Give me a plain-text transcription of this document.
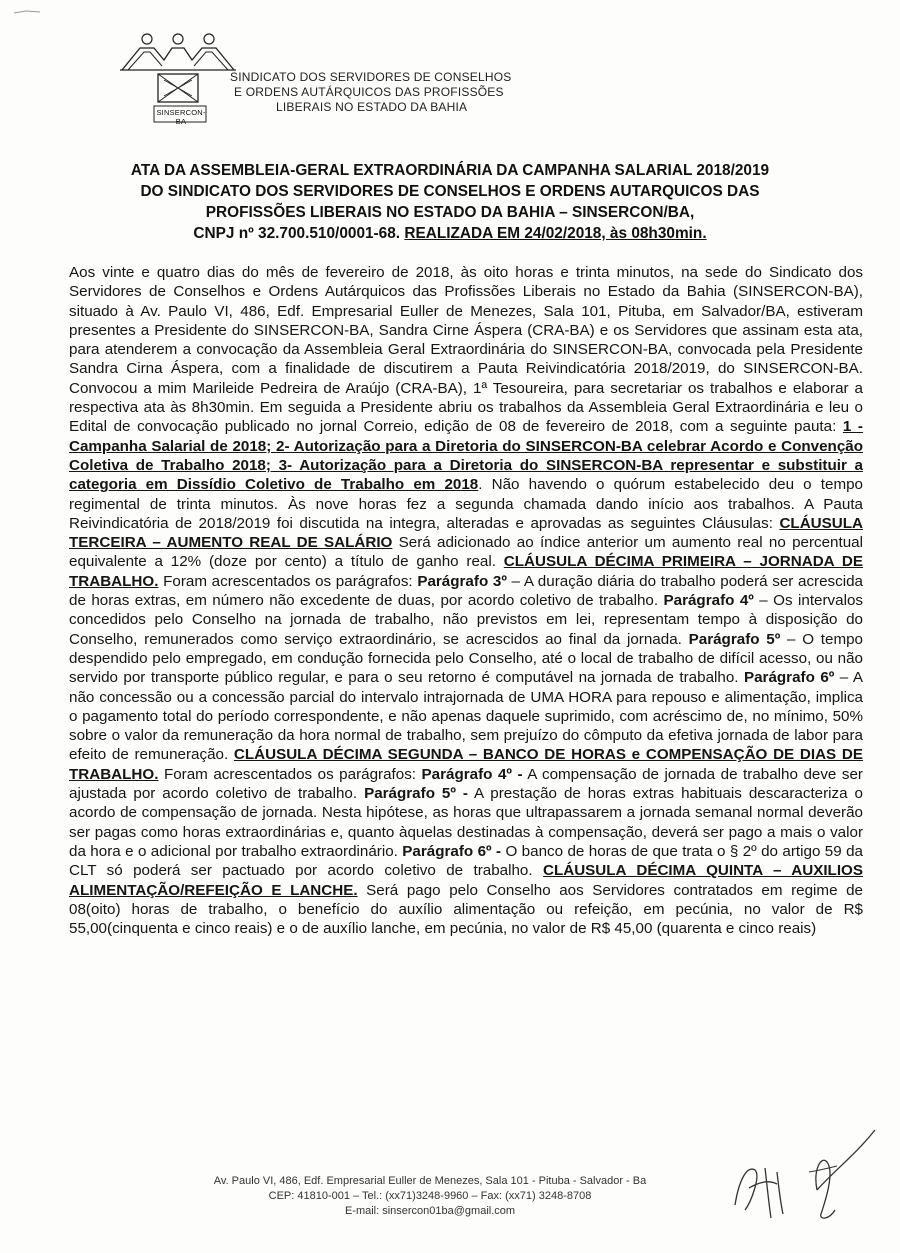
SINSERCON-BA
SINDICATO DOS SERVIDORES DE CONSELHOS
E ORDENS AUTÁRQUICOS DAS PROFISSÕES
LIBERAIS NO ESTADO DA BAHIA
ATA DA ASSEMBLEIA-GERAL EXTRAORDINÁRIA DA CAMPANHA SALARIAL 2018/2019
DO SINDICATO DOS SERVIDORES DE CONSELHOS E ORDENS AUTARQUICOS DAS
PROFISSÕES LIBERAIS NO ESTADO DA BAHIA – SINSERCON/BA,
CNPJ nº 32.700.510/0001-68. REALIZADA EM 24/02/2018, às 08h30min.

Aos vinte e quatro dias do mês de fevereiro de 2018, às oito horas e trinta minutos, na sede do Sindicato dos Servidores de Conselhos e Ordens Autárquicos das Profissões Liberais no Estado da Bahia (SINSERCON-BA), situado à Av. Paulo VI, 486, Edf. Empresarial Euller de Menezes, Sala 101, Pituba, em Salvador/BA, estiveram presentes a Presidente do SINSERCON-BA, Sandra Cirne Áspera (CRA-BA) e os Servidores que assinam esta ata, para atenderem a convocação da Assembleia Geral Extraordinária do SINSERCON-BA, convocada pela Presidente Sandra Cirna Áspera, com a finalidade de discutirem a Pauta Reivindicatória 2018/2019, do SINSERCON-BA. Convocou a mim Marileide Pedreira de Araújo (CRA-BA), 1ª Tesoureira, para secretariar os trabalhos e elaborar a respectiva ata às 8h30min. Em seguida a Presidente abriu os trabalhos da Assembleia Geral Extraordinária e leu o Edital de convocação publicado no jornal Correio, edição de 08 de fevereiro de 2018, com a seguinte pauta: 1 - Campanha Salarial de 2018; 2- Autorização para a Diretoria do SINSERCON-BA celebrar Acordo e Convenção Coletiva de Trabalho 2018; 3- Autorização para a Diretoria do SINSERCON-BA representar e substituir a categoria em Dissídio Coletivo de Trabalho em 2018. Não havendo o quórum estabelecido deu o tempo regimental de trinta minutos. Às nove horas fez a segunda chamada dando início aos trabalhos. A Pauta Reivindicatória de 2018/2019 foi discutida na integra, alteradas e aprovadas as seguintes Cláusulas: CLÁUSULA TERCEIRA – AUMENTO REAL DE SALÁRIO Será adicionado ao índice anterior um aumento real no percentual equivalente a 12% (doze por cento) a título de ganho real. CLÁUSULA DÉCIMA PRIMEIRA – JORNADA DE TRABALHO. Foram acrescentados os parágrafos: Parágrafo 3º – A duração diária do trabalho poderá ser acrescida de horas extras, em número não excedente de duas, por acordo coletivo de trabalho. Parágrafo 4º – Os intervalos concedidos pelo Conselho na jornada de trabalho, não previstos em lei, representam tempo à disposição do Conselho, remunerados como serviço extraordinário, se acrescidos ao final da jornada. Parágrafo 5º – O tempo despendido pelo empregado, em condução fornecida pelo Conselho, até o local de trabalho de difícil acesso, ou não servido por transporte público regular, e para o seu retorno é computável na jornada de trabalho. Parágrafo 6º – A não concessão ou a concessão parcial do intervalo intrajornada de UMA HORA para repouso e alimentação, implica o pagamento total do período correspondente, e não apenas daquele suprimido, com acréscimo de, no mínimo, 50% sobre o valor da remuneração da hora normal de trabalho, sem prejuízo do cômputo da efetiva jornada de labor para efeito de remuneração. CLÁUSULA DÉCIMA SEGUNDA – BANCO DE HORAS e COMPENSAÇÃO DE DIAS DE TRABALHO. Foram acrescentados os parágrafos: Parágrafo 4º - A compensação de jornada de trabalho deve ser ajustada por acordo coletivo de trabalho. Parágrafo 5º - A prestação de horas extras habituais descaracteriza o acordo de compensação de jornada. Nesta hipótese, as horas que ultrapassarem a jornada semanal normal deverão ser pagas como horas extraordinárias e, quanto àquelas destinadas à compensação, deverá ser pago a mais o valor da hora e o adicional por trabalho extraordinário. Parágrafo 6º - O banco de horas de que trata o § 2º do artigo 59 da CLT só poderá ser pactuado por acordo coletivo de trabalho. CLÁUSULA DÉCIMA QUINTA – AUXILIOS ALIMENTAÇÃO/REFEIÇÃO E LANCHE. Será pago pelo Conselho aos Servidores contratados em regime de 08(oito) horas de trabalho, o benefício do auxílio alimentação ou refeição, em pecúnia, no valor de R$ 55,00(cinquenta e cinco reais) e o de auxílio lanche, em pecúnia, no valor de R$ 45,00 (quarenta e cinco reais)

Av. Paulo VI, 486, Edf. Empresarial Euller de Menezes, Sala 101 - Pituba - Salvador - Ba
CEP: 41810-001 – Tel.: (xx71)3248-9960 – Fax: (xx71) 3248-8708
E-mail: sinsercon01ba@gmail.com
